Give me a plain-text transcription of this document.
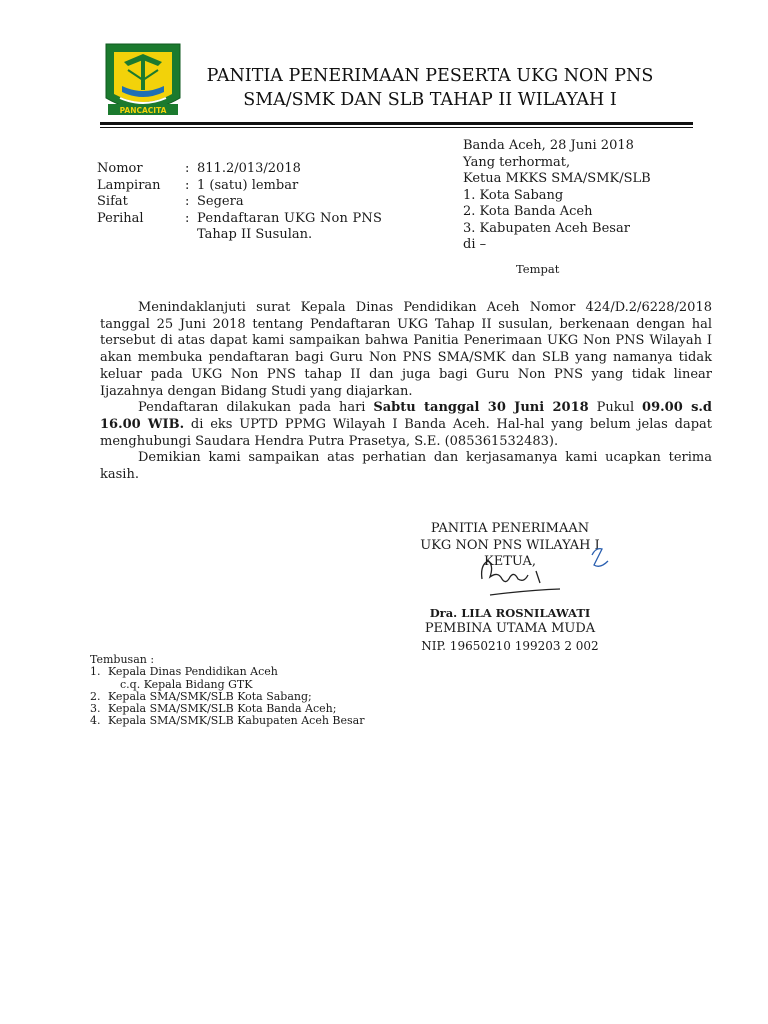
PANCACITA
PANITIA PENERIMAAN PESERTA UKG NON PNS
SMA/SMK DAN SLB TAHAP II WILAYAH I
Nomor	: 811.2/013/2018
Lampiran	: 1 (satu) lembar
Sifat	: Segera
Perihal	: Pendaftaran UKG Non PNS
Tahap II Susulan.
Banda Aceh, 28 Juni 2018
Yang terhormat,
Ketua MKKS SMA/SMK/SLB
1. Kota Sabang
2. Kota Banda Aceh
3. Kabupaten Aceh Besar
di –
Tempat

Menindaklanjuti surat Kepala Dinas Pendidikan Aceh Nomor 424/D.2/6228/2018 tanggal 25 Juni 2018 tentang Pendaftaran UKG Tahap II susulan, berkenaan dengan hal tersebut di atas dapat kami sampaikan bahwa Panitia Penerimaan UKG Non PNS Wilayah I akan membuka pendaftaran bagi Guru Non PNS SMA/SMK dan SLB yang namanya tidak keluar pada UKG Non PNS tahap II dan juga bagi Guru Non PNS yang tidak linear Ijazahnya dengan Bidang Studi yang diajarkan.

Pendaftaran dilakukan pada hari Sabtu tanggal 30 Juni 2018 Pukul 09.00 s.d 16.00 WIB. di eks UPTD PPMG Wilayah I Banda Aceh. Hal-hal yang belum jelas dapat menghubungi Saudara Hendra Putra Prasetya, S.E. (085361532483).

Demikian kami sampaikan atas perhatian dan kerjasamanya kami ucapkan terima kasih.

PANITIA PENERIMAAN
UKG NON PNS WILAYAH I
KETUA,
Dra. LILA ROSNILAWATI
PEMBINA UTAMA MUDA
NIP. 19650210 199203 2 002
Tembusan :
1. Kepala Dinas Pendidikan Aceh
c.q. Kepala Bidang GTK
2. Kepala SMA/SMK/SLB Kota Sabang;
3. Kepala SMA/SMK/SLB Kota Banda Aceh;
4. Kepala SMA/SMK/SLB Kabupaten Aceh Besar
